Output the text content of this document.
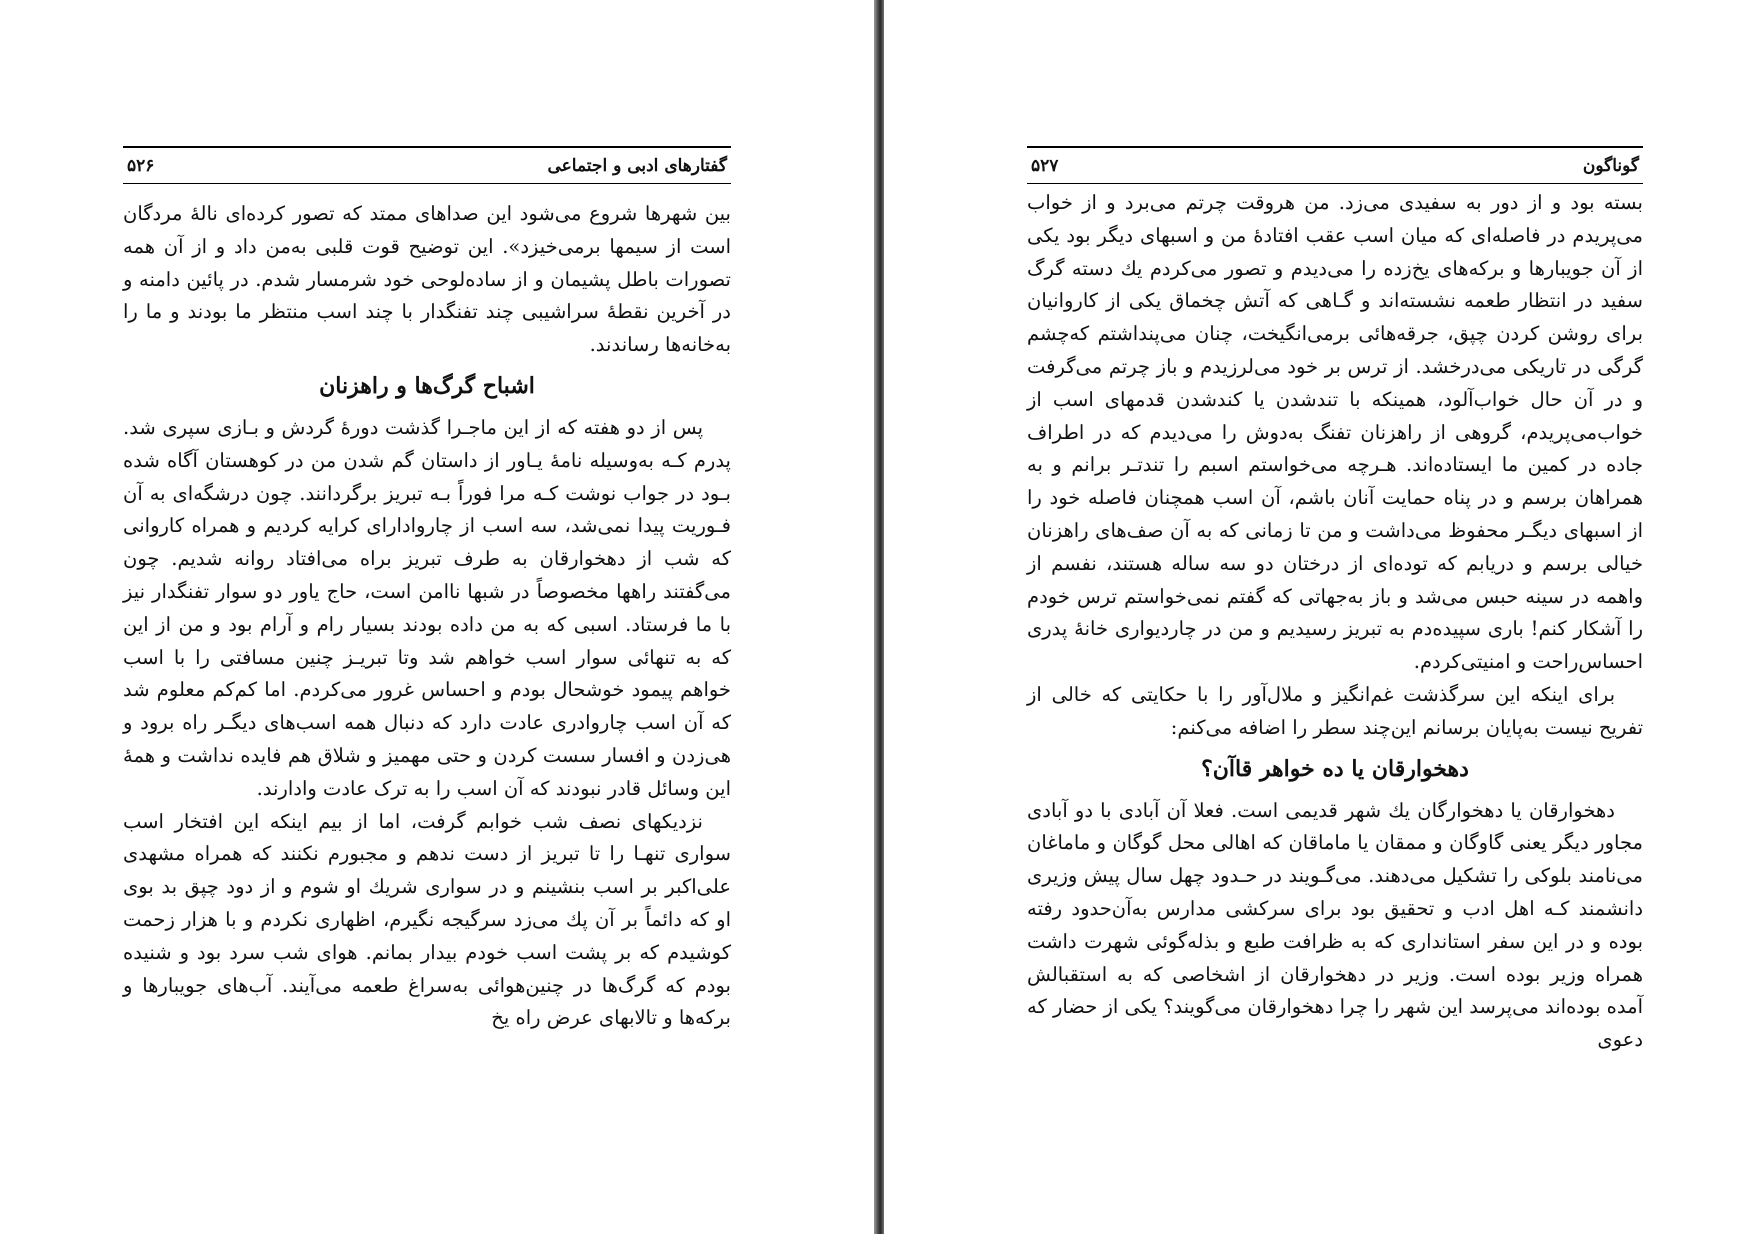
گفتارهای ادبی و اجتماعی
۵۲۶

بین شهرها شروع می‌شود این صداهای ممتد که تصور کرده‌ای نالهٔ مردگان است از سیمها برمی‌خیزد». این توضیح قوت قلبی به‌من داد و از آن همه تصورات باطل پشیمان و از ساده‌لوحی خود شرمسار شدم. در پائین دامنه و در آخرین نقطهٔ سراشیبی چند تفنگدار با چند اسب منتظر ما بودند و ما را به‌خانه‌ها رساندند.

اشباح گرگ‌ها و راهزنان

پس از دو هفته که از این ماجـرا گذشت دورهٔ گردش و بـازی سپری شد. پدرم کـه به‌وسیله نامهٔ یـاور از داستان گم شدن من در کوهستان آگاه شده بـود در جواب نوشت کـه مرا فوراً بـه تبریز برگردانند. چون درشگه‌ای به آن فـوریت پیدا نمی‌شد، سه اسب از چاروادارای کرایه کردیم و همراه کاروانی که شب از دهخوارقان به طرف تبریز براه می‌افتاد روانه شدیم. چون می‌گفتند راهها مخصوصاً در شبها ناامن است، حاج یاور دو سوار تفنگدار نیز با ما فرستاد. اسبی که به من داده بودند بسیار رام و آرام بود و من از این که به تنهائی سوار اسب خواهم شد وتا تبریـز چنین مسافتی را با اسب خواهم پیمود خوشحال بودم و احساس غرور می‌کردم. اما کم‌کم معلوم شد که آن اسب چاروادری عادت دارد که دنبال همه اسب‌های دیگـر راه برود و هی‌زدن و افسار سست کردن و حتی مهمیز و شلاق هم فایده نداشت و همهٔ این وسائل قادر نبودند که آن اسب را به ترک عادت وادارند.

نزدیکهای نصف شب خوابم گرفت، اما از بیم اینکه این افتخار اسب سواری تنهـا را تا تبریز از دست ندهم و مجبورم نکنند که همراه مشهدی علی‌اکبر بر اسب بنشینم و در سواری شریك او شوم و از دود چپق بد بوی او که دائماً بر آن پك می‌زد سرگیجه نگیرم، اظهاری نکردم و با هزار زحمت کوشیدم که بر پشت اسب خودم بیدار بمانم. هوای شب سرد بود و شنیده بودم که گرگ‌ها در چنین‌هوائی به‌سراغ طعمه می‌آیند. آب‌های جویبارها و برکه‌ها و تالابهای عرض راه یخ

گوناگون
۵۲۷

بسته بود و از دور به سفیدی می‌زد. من هروقت چرتم می‌برد و از خواب می‌پریدم در فاصله‌ای که میان اسب عقب افتادهٔ من و اسبهای دیگر بود یکی از آن جویبارها و برکه‌های یخ‌زده را می‌دیدم و تصور می‌کردم یك دسته گرگ سفید در انتظار طعمه نشسته‌اند و گـاهی که آتش چخماق یکی از کاروانیان برای روشن کردن چپق، جرقه‌هائی برمی‌انگیخت، چنان می‌پنداشتم که‌چشم گرگی در تاریکی می‌درخشد. از ترس بر خود می‌لرزیدم و باز چرتم می‌گرفت و در آن حال خواب‌آلود، همینکه با تندشدن یا کندشدن قدمهای اسب از خواب‌می‌پریدم، گروهی از راهزنان تفنگ به‌دوش را می‌دیدم که در اطراف جاده در کمین ما ایستاده‌اند. هـرچه می‌خواستم اسبم را تندتـر برانم و به همراهان برسم و در پناه حمایت آنان باشم، آن اسب همچنان فاصله خود را از اسبهای دیگـر محفوظ می‌داشت و من تا زمانی که به آن صف‌های راهزنان خیالی برسم و دریابم که توده‌ای از درختان دو سه ساله هستند، نفسم از واهمه در سینه حبس می‌شد و باز به‌جهاتی که گفتم نمی‌خواستم ترس خودم را آشکار کنم! باری سپیده‌دم به تبریز رسیدیم و من در چاردیواری خانهٔ پدری احساس‌راحت و امنیتی‌کردم.

برای اینکه این سرگذشت غم‌انگیز و ملال‌آور را با حکایتی که خالی از تفریح نیست به‌پایان برسانم این‌چند سطر را اضافه می‌کنم:

دهخوارقان یا ده خواهر قاآن؟

دهخوارقان یا دهخوارگان یك شهر قدیمی است. فعلا آن آبادی با دو آبادی مجاور دیگر یعنی گاوگان و ممقان یا ماماقان که اهالی محل گوگان و ماماغان می‌نامند بلوکی را تشکیل می‌دهند. می‌گـویند در حـدود چهل سال پیش وزیری دانشمند کـه اهل ادب و تحقیق بود برای سرکشی مدارس به‌آن‌حدود رفته بوده و در این سفر استانداری که به ظرافت طبع و بذله‌گوئی شهرت داشت همراه وزیر بوده است. وزیر در دهخوارقان از اشخاصی که به استقبالش آمده بوده‌اند می‌پرسد این شهر را چرا دهخوارقان می‌گویند؟ یکی از حضار که دعوی
